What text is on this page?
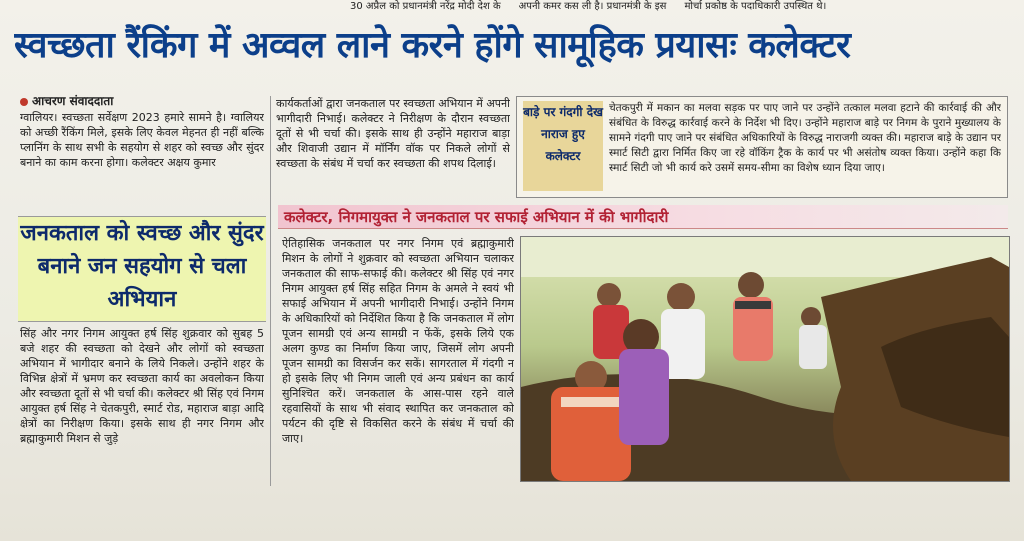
30 अप्रैल को प्रधानमंत्री नरेंद्र मोदी देश के अपनी कमर कस ली है। प्रधानमंत्री के इस मोर्चा प्रकोष्ठ के पदाधिकारी उपस्थित थे।
स्वच्छता रैंकिंग में अव्वल लाने करने होंगे सामूहिक प्रयासः कलेक्टर
आचरण संवाददाता
ग्वालियर। स्वच्छता सर्वेक्षण 2023 हमारे सामने है। ग्वालियर को अच्छी रैंकिंग मिले, इसके लिए केवल मेहनत ही नहीं बल्कि प्लानिंग के साथ सभी के सहयोग से शहर को स्वच्छ और सुंदर बनाने का काम करना होगा। कलेक्टर अक्षय कुमार
जनकताल को स्वच्छ और सुंदर बनाने जन सहयोग से चला अभियान
सिंह और नगर निगम आयुक्त हर्ष सिंह शुक्रवार को सुबह 5 बजे शहर की स्वच्छता को देखने और लोगों को स्वच्छता अभियान में भागीदार बनाने के लिये निकले। उन्होंने शहर के विभिन्न क्षेत्रों में भ्रमण कर स्वच्छता कार्य का अवलोकन किया और स्वच्छता दूतों से भी चर्चा की। कलेक्टर श्री सिंह एवं निगम आयुक्त हर्ष सिंह ने चेतकपुरी, स्मार्ट रोड, महाराज बाड़ा आदि क्षेत्रों का निरीक्षण किया। इसके साथ ही नगर निगम और ब्रह्माकुमारी मिशन से जुड़े
कार्यकर्ताओं द्वारा जनकताल पर स्वच्छता अभियान में अपनी भागीदारी निभाई। कलेक्टर ने निरीक्षण के दौरान स्वच्छता दूतों से भी चर्चा की। इसके साथ ही उन्होंने महाराज बाड़ा और शिवाजी उद्यान में मॉर्निंग वॉक पर निकले लोगों से स्वच्छता के संबंध में चर्चा कर स्वच्छता की शपथ दिलाई।
बाड़े पर गंदगी देख नाराज हुए कलेक्टर
चेतकपुरी में मकान का मलवा सड़क पर पाए जाने पर उन्होंने तत्काल मलवा हटाने की कार्रवाई की और संबंधित के विरुद्ध कार्रवाई करने के निर्देश भी दिए। उन्होंने महाराज बाड़े पर निगम के पुराने मुख्यालय के सामने गंदगी पाए जाने पर संबंधित अधिकारियों के विरुद्ध नाराजगी व्यक्त की। महाराज बाड़े के उद्यान पर स्मार्ट सिटी द्वारा निर्मित किए जा रहे वॉकिंग ट्रैक के कार्य पर भी असंतोष व्यक्त किया। उन्होंने कहा कि स्मार्ट सिटी जो भी कार्य करे उसमें समय-सीमा का विशेष ध्यान दिया जाए।
कलेक्टर, निगमायुक्त ने जनकताल पर सफाई अभियान में की भागीदारी
ऐतिहासिक जनकताल पर नगर निगम एवं ब्रह्माकुमारी मिशन के लोगों ने शुक्रवार को स्वच्छता अभियान चलाकर जनकताल की साफ-सफाई की। कलेक्टर श्री सिंह एवं नगर निगम आयुक्त हर्ष सिंह सहित निगम के अमले ने स्वयं भी सफाई अभियान में अपनी भागीदारी निभाई। उन्होंने निगम के अधिकारियों को निर्देशित किया है कि जनकताल में लोग पूजन सामग्री एवं अन्य सामग्री न फेंकें, इसके लिये एक अलग कुण्ड का निर्माण किया जाए, जिसमें लोग अपनी पूजन सामग्री का विसर्जन कर सकें। सागरताल में गंदगी न हो इसके लिए भी निगम जाली एवं अन्य प्रबंधन का कार्य सुनिश्चित करें। जनकताल के आस-पास रहने वाले रहवासियों के साथ भी संवाद स्थापित कर जनकताल को पर्यटन की दृष्टि से विकसित करने के संबंध में चर्चा की जाए।
